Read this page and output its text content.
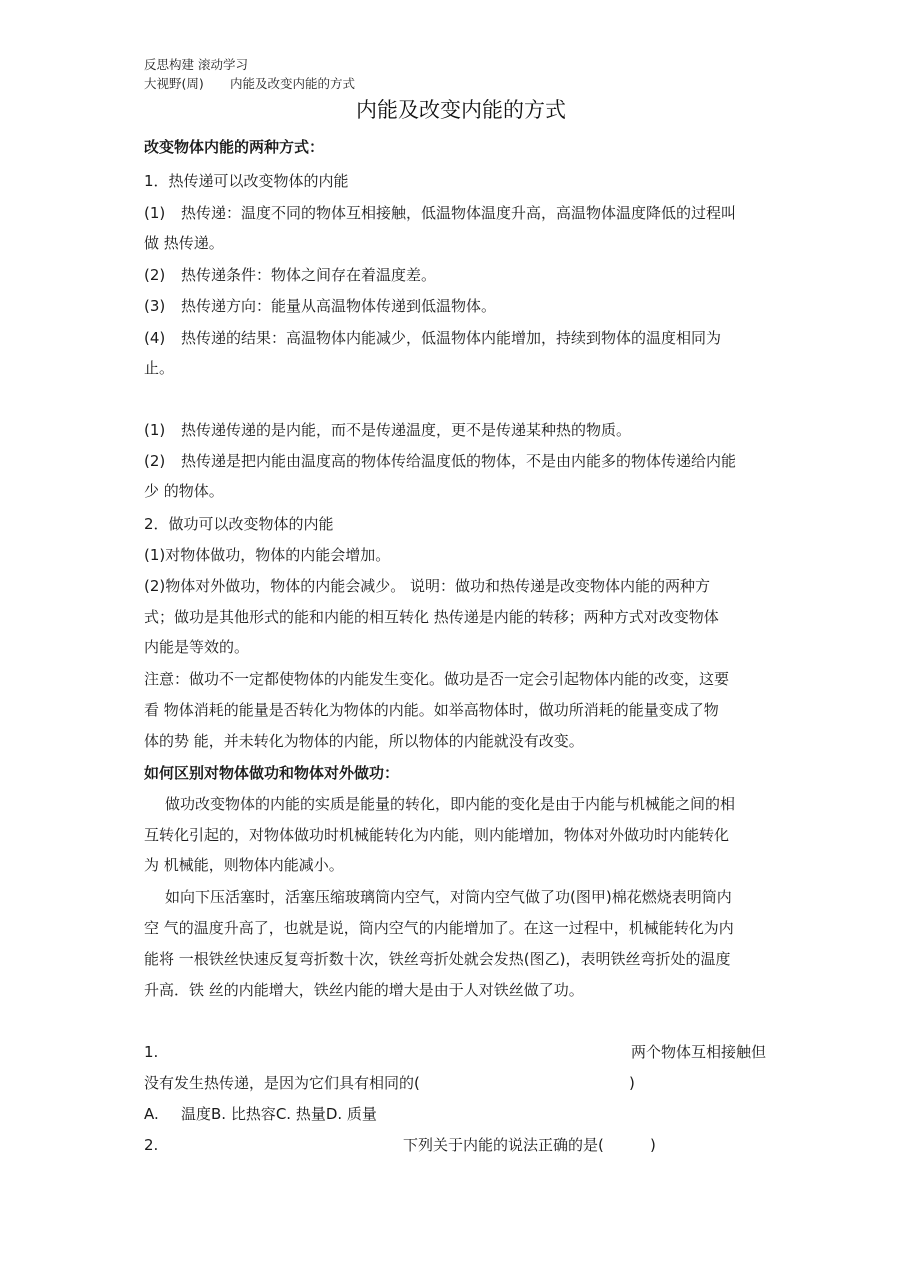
反思构建 滚动学习
大视野(周) 内能及改变内能的方式
内能及改变内能的方式
改变物体内能的两种方式：
1．热传递可以改变物体的内能
(1) 热传递：温度不同的物体互相接触，低温物体温度升高，高温物体温度降低的过程叫
做 热传递。
(2) 热传递条件：物体之间存在着温度差。
(3) 热传递方向：能量从高温物体传递到低温物体。
(4) 热传递的结果：高温物体内能减少，低温物体内能增加，持续到物体的温度相同为
止。
(1) 热传递传递的是内能，而不是传递温度，更不是传递某种热的物质。
(2) 热传递是把内能由温度高的物体传给温度低的物体，不是由内能多的物体传递给内能
少 的物体。
2．做功可以改变物体的内能
(1)对物体做功，物体的内能会增加。
(2)物体对外做功，物体的内能会减少。 说明：做功和热传递是改变物体内能的两种方
式；做功是其他形式的能和内能的相互转化 热传递是内能的转移；两种方式对改变物体
内能是等效的。
注意：做功不一定都使物体的内能发生变化。做功是否一定会引起物体内能的改变，这要
看 物体消耗的能量是否转化为物体的内能。如举高物体时，做功所消耗的能量变成了物
体的势 能，并未转化为物体的内能，所以物体的内能就没有改变。
如何区别对物体做功和物体对外做功：
做功改变物体的内能的实质是能量的转化，即内能的变化是由于内能与机械能之间的相
互转化引起的，对物体做功时机械能转化为内能，则内能增加，物体对外做功时内能转化
为 机械能，则物体内能减小。
如向下压活塞时，活塞压缩玻璃筒内空气，对筒内空气做了功(图甲)棉花燃烧表明筒内
空 气的温度升高了，也就是说，筒内空气的内能增加了。在这一过程中，机械能转化为内
能将 一根铁丝快速反复弯折数十次，铁丝弯折处就会发热(图乙)，表明铁丝弯折处的温度
升高．铁 丝的内能增大，铁丝内能的增大是由于人对铁丝做了功。
1.	两个物体互相接触但
没有发生热传递，是因为它们具有相同的(	)
A. 温度B. 比热容C. 热量D. 质量
2.	下列关于内能的说法正确的是(	)
